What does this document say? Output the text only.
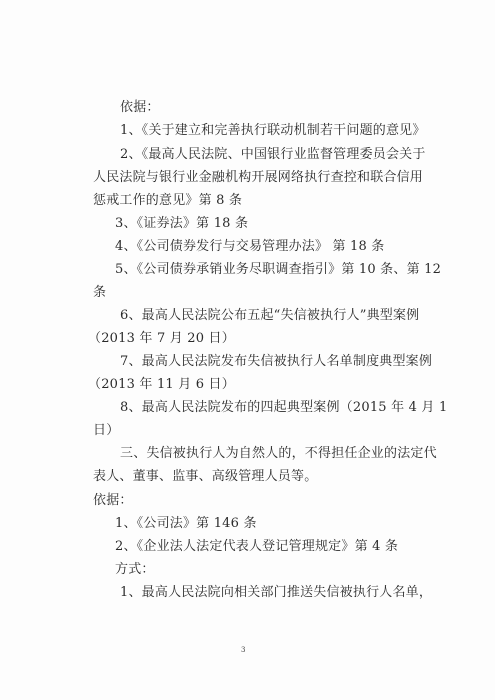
依据：
1、《关于建立和完善执行联动机制若干问题的意见》
2、《最高人民法院、中国银行业监督管理委员会关于
人民法院与银行业金融机构开展网络执行查控和联合信用
惩戒工作的意见》第 8 条
3、《证券法》第 18 条
4、《公司债券发行与交易管理办法》 第 18 条
5、《公司债券承销业务尽职调查指引》第 10 条、第 12
条
6、最高人民法院公布五起“失信被执行人”典型案例
（2013 年 7 月 20 日）
7、最高人民法院发布失信被执行人名单制度典型案例
（2013 年 11 月 6 日）
8、最高人民法院发布的四起典型案例（2015 年 4 月 1
日）
三、失信被执行人为自然人的，不得担任企业的法定代
表人、董事、监事、高级管理人员等。
依据：
1、《公司法》第 146 条
2、《企业法人法定代表人登记管理规定》第 4 条
方式：
1、最高人民法院向相关部门推送失信被执行人名单，
3
